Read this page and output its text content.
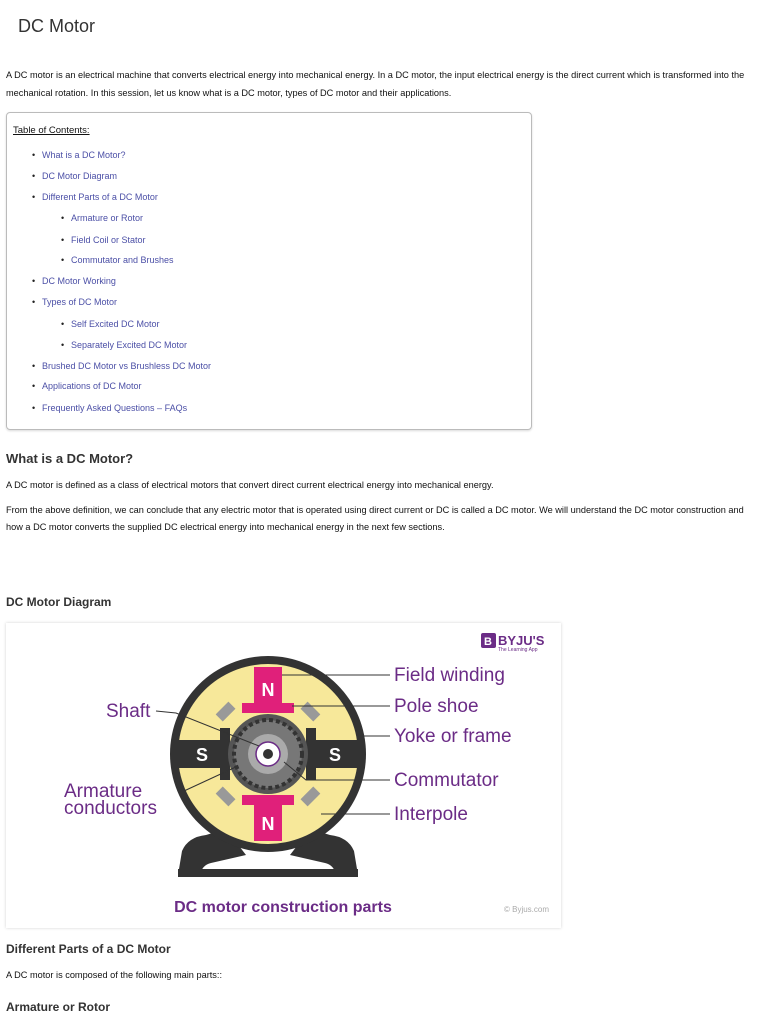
DC Motor

A DC motor is an electrical machine that converts electrical energy into mechanical energy. In a DC motor, the input electrical energy is the direct current which is transformed into the mechanical rotation. In this session, let us know what is a DC motor, types of DC motor and their applications.

Table of Contents:
• What is a DC Motor?
• DC Motor Diagram
• Different Parts of a DC Motor
• Armature or Rotor
• Field Coil or Stator
• Commutator and Brushes
• DC Motor Working
• Types of DC Motor
• Self Excited DC Motor
• Separately Excited DC Motor
• Brushed DC Motor vs Brushless DC Motor
• Applications of DC Motor
• Frequently Asked Questions – FAQs
What is a DC Motor?

A DC motor is defined as a class of electrical motors that convert direct current electrical energy into mechanical energy.

From the above definition, we can conclude that any electric motor that is operated using direct current or DC is called a DC motor. We will understand the DC motor construction and how a DC motor converts the supplied DC electrical energy into mechanical energy in the next few sections.

DC Motor Diagram
N
N
S	S
Field winding
Pole shoe
Yoke or frame
Commutator
Interpole
Shaft
Armature
conductors
B BYJU'S
The Learning App
DC motor construction parts	© Byjus.com
Different Parts of a DC Motor

A DC motor is composed of the following main parts::

Armature or Rotor
